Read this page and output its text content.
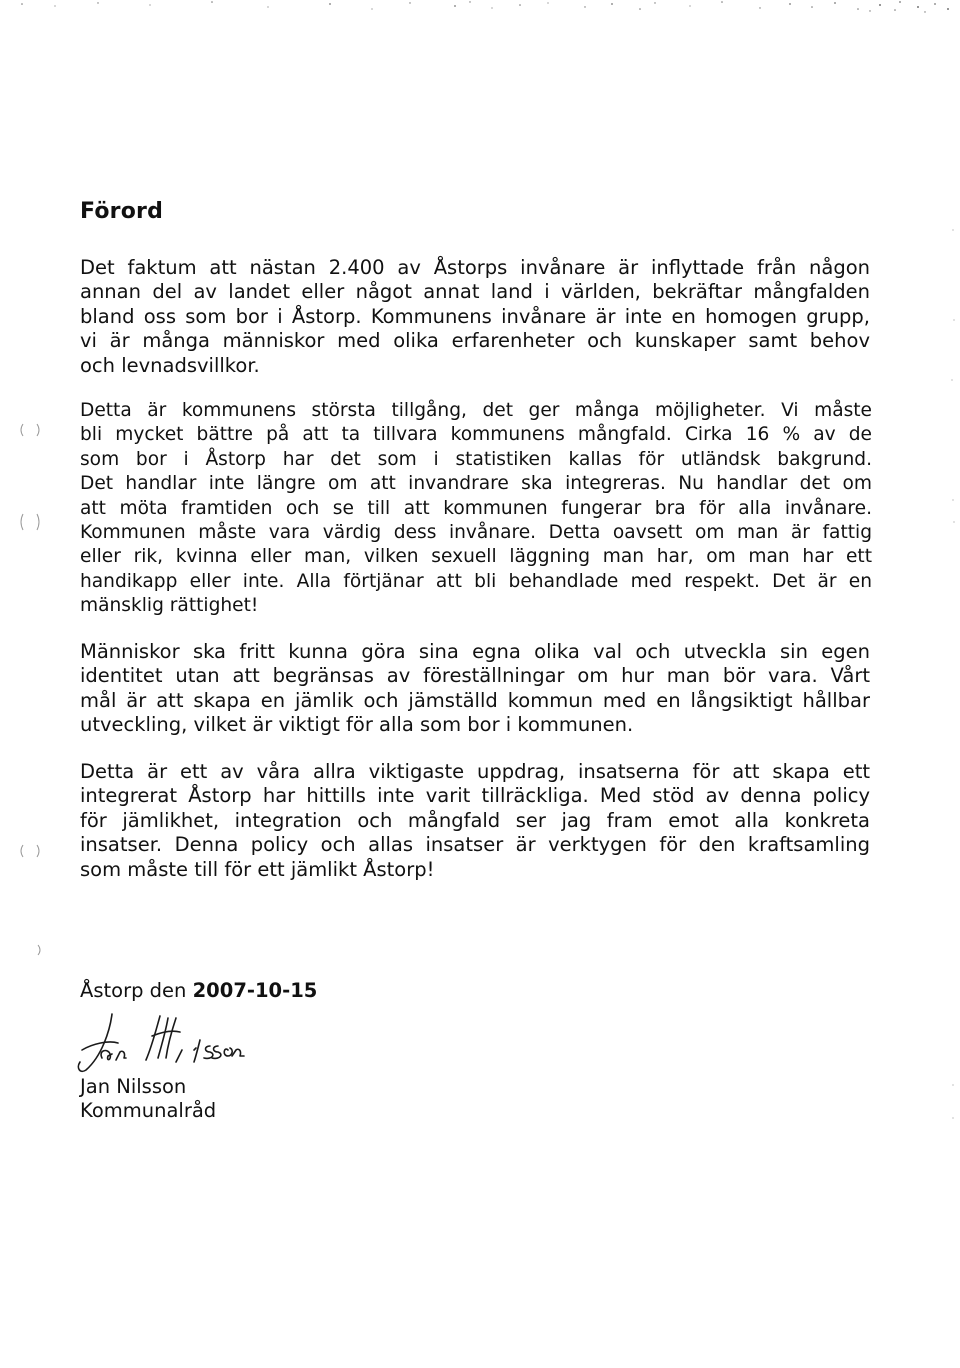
Förord

Det faktum att nästan 2.400 av Åstorps invånare är inflyttade från någon
annan del av landet eller något annat land i världen, bekräftar mångfalden
bland oss som bor i Åstorp. Kommunens invånare är inte en homogen grupp,
vi är många människor med olika erfarenheter och kunskaper samt behov
och levnadsvillkor.

Detta är kommunens största tillgång, det ger många möjligheter. Vi måste
bli mycket bättre på att ta tillvara kommunens mångfald. Cirka 16 % av de
som bor i Åstorp har det som i statistiken kallas för utländsk bakgrund.
Det handlar inte längre om att invandrare ska integreras. Nu handlar det om
att möta framtiden och se till att kommunen fungerar bra för alla invånare.
Kommunen måste vara värdig dess invånare. Detta oavsett om man är fattig
eller rik, kvinna eller man, vilken sexuell läggning man har, om man har ett
handikapp eller inte. Alla förtjänar att bli behandlade med respekt. Det är en
mänsklig rättighet!

Människor ska fritt kunna göra sina egna olika val och utveckla sin egen
identitet utan att begränsas av föreställningar om hur man bör vara. Vårt
mål är att skapa en jämlik och jämställd kommun med en långsiktigt hållbar
utveckling, vilket är viktigt för alla som bor i kommunen.

Detta är ett av våra allra viktigaste uppdrag, insatserna för att skapa ett
integrerat Åstorp har hittills inte varit tillräckliga. Med stöd av denna policy
för jämlikhet, integration och mångfald ser jag fram emot alla konkreta
insatser. Denna policy och allas insatser är verktygen för den kraftsamling
som måste till för ett jämlikt Åstorp!

Åstorp den 2007-10-15

Jan Nilsson

Kommunalråd
